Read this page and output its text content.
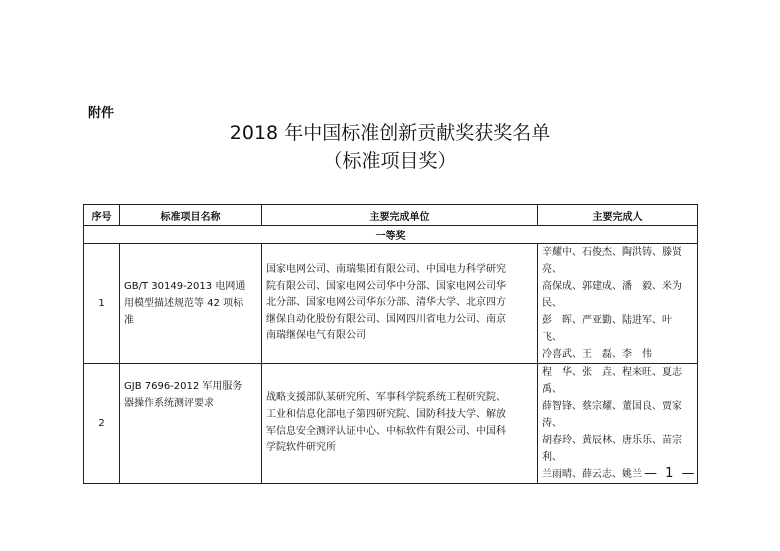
附件
2018 年中国标准创新贡献奖获奖名单
（标准项目奖）
序号	标准项目名称	主要完成单位	主要完成人
一等奖			
1	GB/T 30149-2013 电网通
用模型描述规范等 42 项标
准	国家电网公司、南瑞集团有限公司、中国电力科学研究
院有限公司、国家电网公司华中分部、国家电网公司华
北分部、国家电网公司华东分部、清华大学、北京四方
继保自动化股份有限公司、国网四川省电力公司、南京
南瑞继保电气有限公司	辛耀中、石俊杰、陶洪铸、滕贤亮、
高保成、郭建成、潘　毅、米为民、
彭　晖、严亚勤、陆进军、叶　飞、
冷喜武、王　磊、李　伟

2	GJB 7696-2012 军用服务
器操作系统测评要求	战略支援部队某研究所、军事科学院系统工程研究院、
工业和信息化部电子第四研究院、国防科技大学、解放
军信息安全测评认证中心、中标软件有限公司、中国科
学院软件研究所	程　华、张　垚、程来旺、夏志禹、
薛智锋、蔡宗耀、董国良、贾家涛、
胡春玲、黄辰林、唐乐乐、苗宗利、
兰雨晴、薛云志、姚兰 — 1 —
